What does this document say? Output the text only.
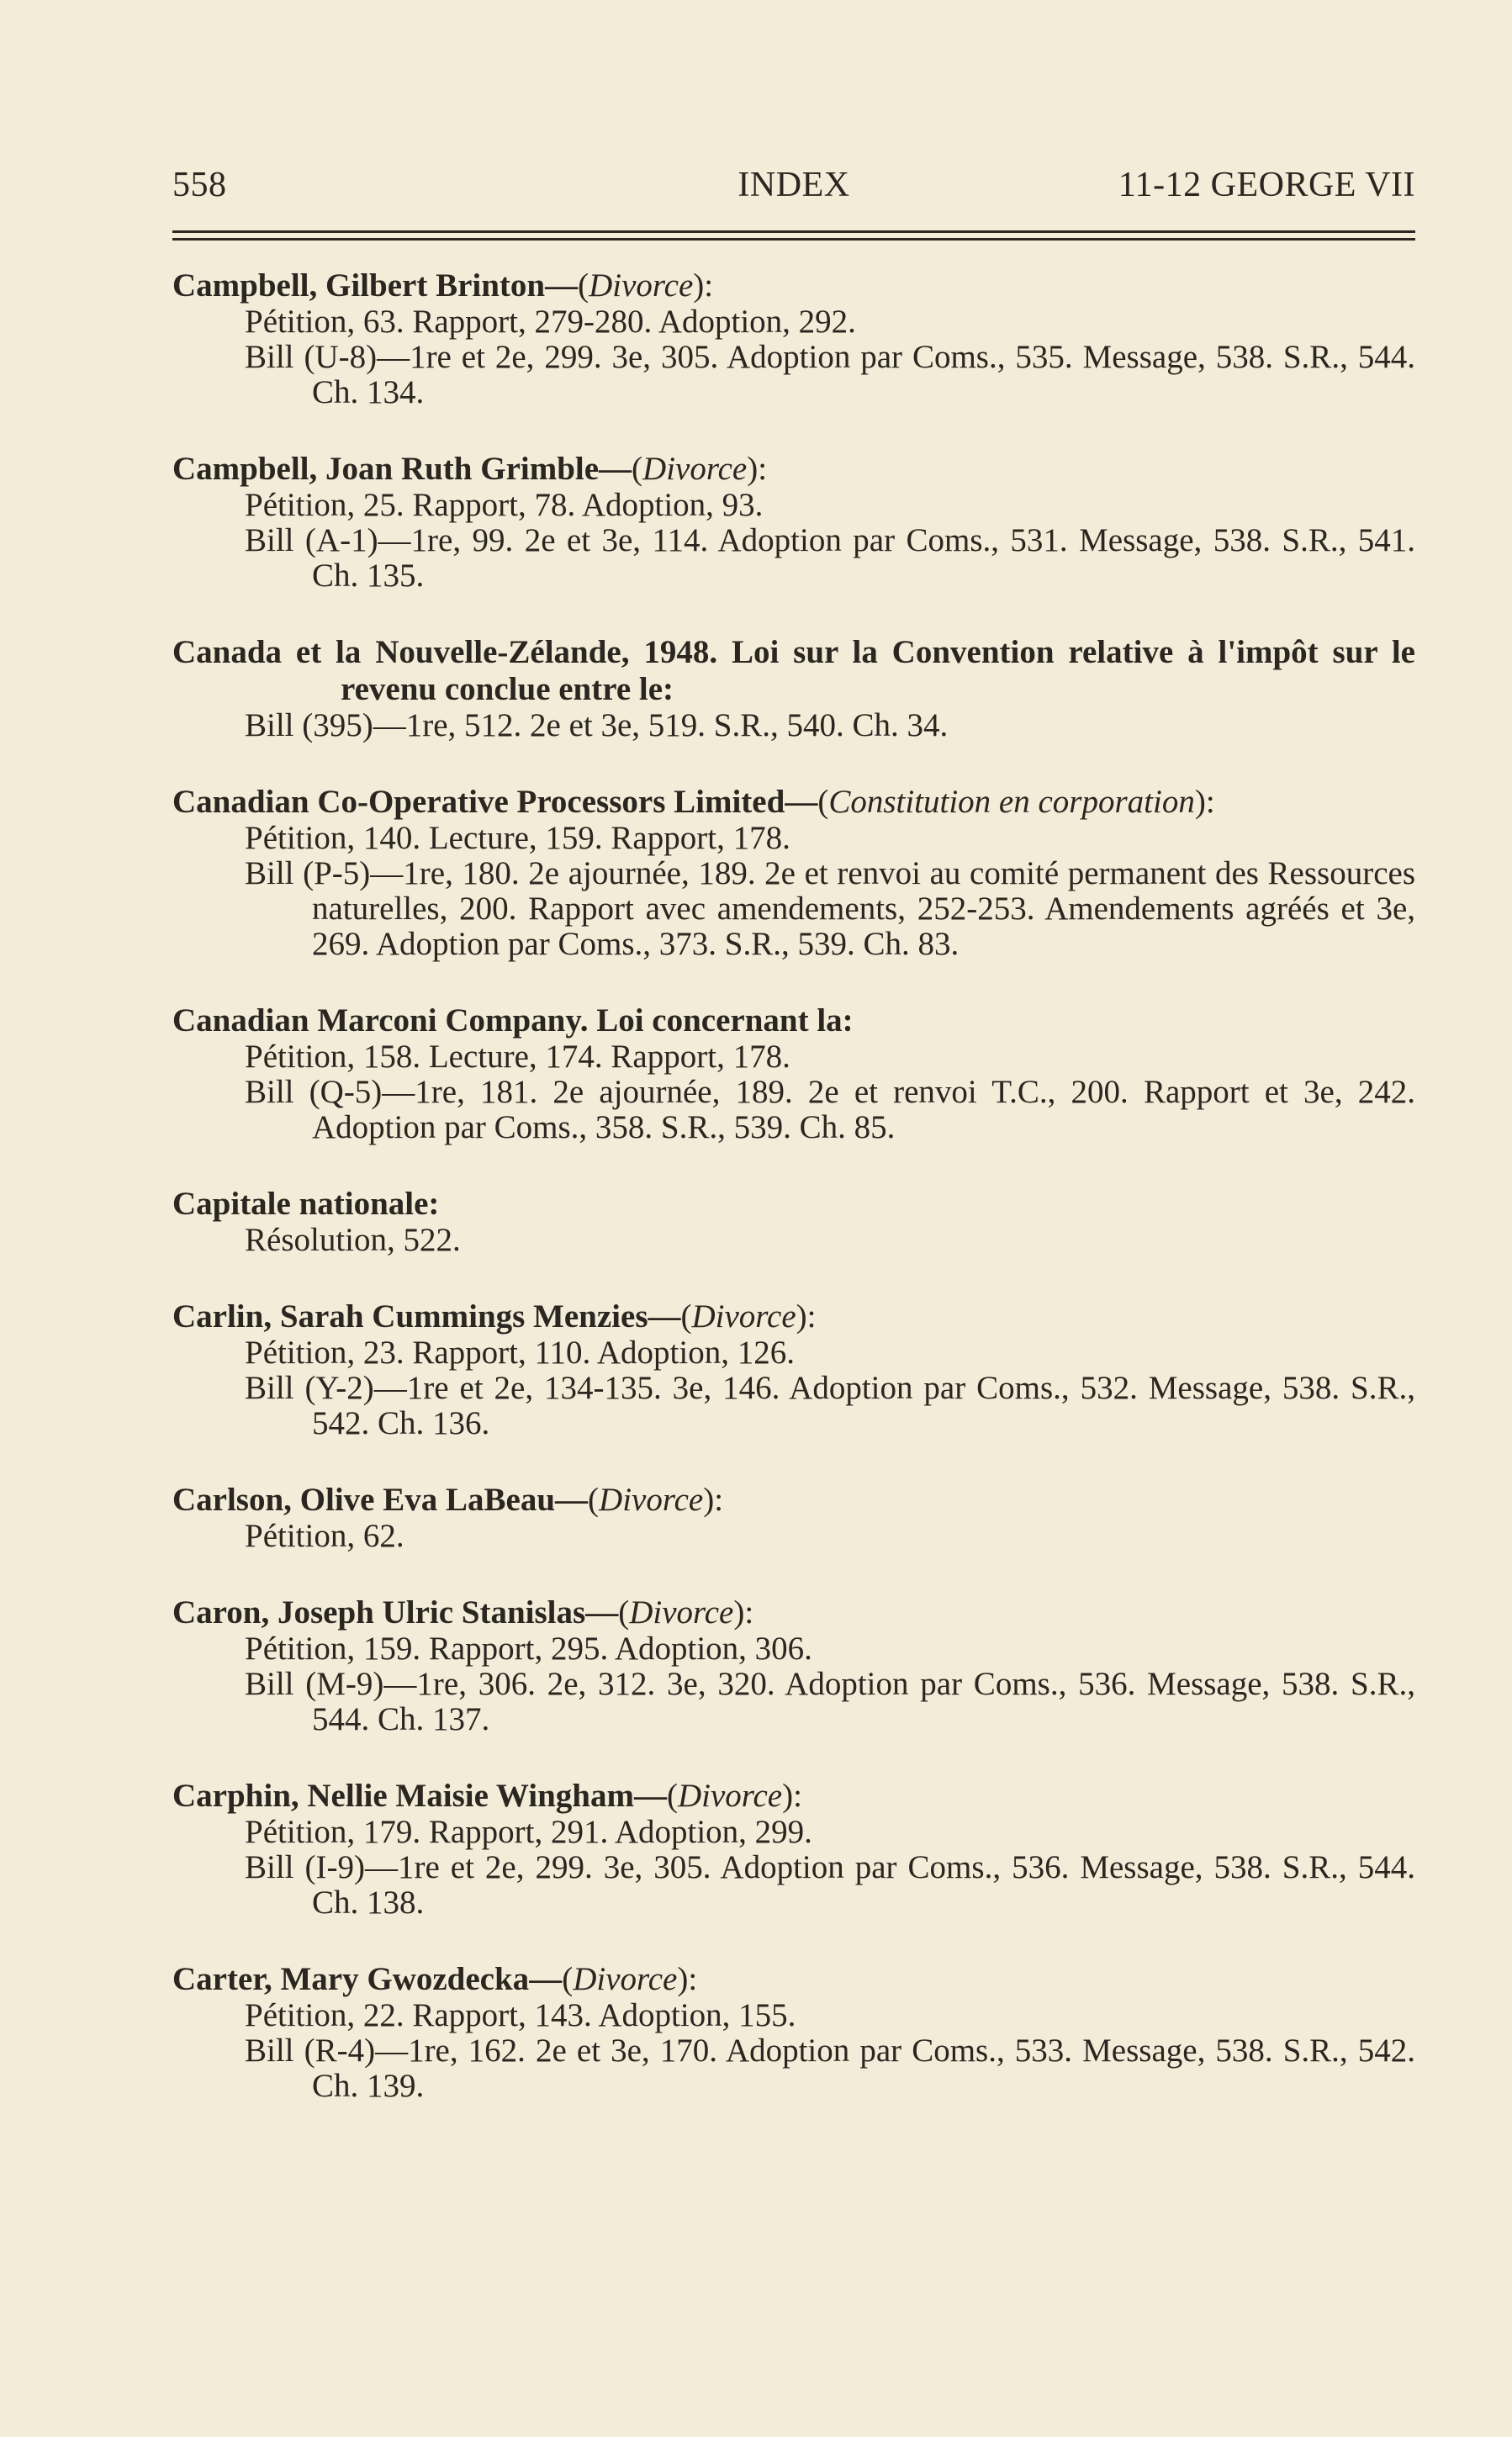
558	INDEX	11-12 GEORGE VII
Campbell, Gilbert Brinton—(Divorce):
Pétition, 63. Rapport, 279-280. Adoption, 292.
Bill (U-8)—1re et 2e, 299. 3e, 305. Adoption par Coms., 535. Message, 538. S.R., 544. Ch. 134.
Campbell, Joan Ruth Grimble—(Divorce):
Pétition, 25. Rapport, 78. Adoption, 93.
Bill (A-1)—1re, 99. 2e et 3e, 114. Adoption par Coms., 531. Message, 538. S.R., 541. Ch. 135.
Canada et la Nouvelle-Zélande, 1948. Loi sur la Convention relative à l'impôt sur le revenu conclue entre le:
Bill (395)—1re, 512. 2e et 3e, 519. S.R., 540. Ch. 34.
Canadian Co-Operative Processors Limited—(Constitution en corporation):
Pétition, 140. Lecture, 159. Rapport, 178.
Bill (P-5)—1re, 180. 2e ajournée, 189. 2e et renvoi au comité permanent des Ressources naturelles, 200. Rapport avec amendements, 252-253. Amendements agréés et 3e, 269. Adoption par Coms., 373. S.R., 539. Ch. 83.
Canadian Marconi Company. Loi concernant la:
Pétition, 158. Lecture, 174. Rapport, 178.
Bill (Q-5)—1re, 181. 2e ajournée, 189. 2e et renvoi T.C., 200. Rapport et 3e, 242. Adoption par Coms., 358. S.R., 539. Ch. 85.
Capitale nationale:
Résolution, 522.
Carlin, Sarah Cummings Menzies—(Divorce):
Pétition, 23. Rapport, 110. Adoption, 126.
Bill (Y-2)—1re et 2e, 134-135. 3e, 146. Adoption par Coms., 532. Message, 538. S.R., 542. Ch. 136.
Carlson, Olive Eva LaBeau—(Divorce):
Pétition, 62.
Caron, Joseph Ulric Stanislas—(Divorce):
Pétition, 159. Rapport, 295. Adoption, 306.
Bill (M-9)—1re, 306. 2e, 312. 3e, 320. Adoption par Coms., 536. Message, 538. S.R., 544. Ch. 137.
Carphin, Nellie Maisie Wingham—(Divorce):
Pétition, 179. Rapport, 291. Adoption, 299.
Bill (I-9)—1re et 2e, 299. 3e, 305. Adoption par Coms., 536. Message, 538. S.R., 544. Ch. 138.
Carter, Mary Gwozdecka—(Divorce):
Pétition, 22. Rapport, 143. Adoption, 155.
Bill (R-4)—1re, 162. 2e et 3e, 170. Adoption par Coms., 533. Message, 538. S.R., 542. Ch. 139.
